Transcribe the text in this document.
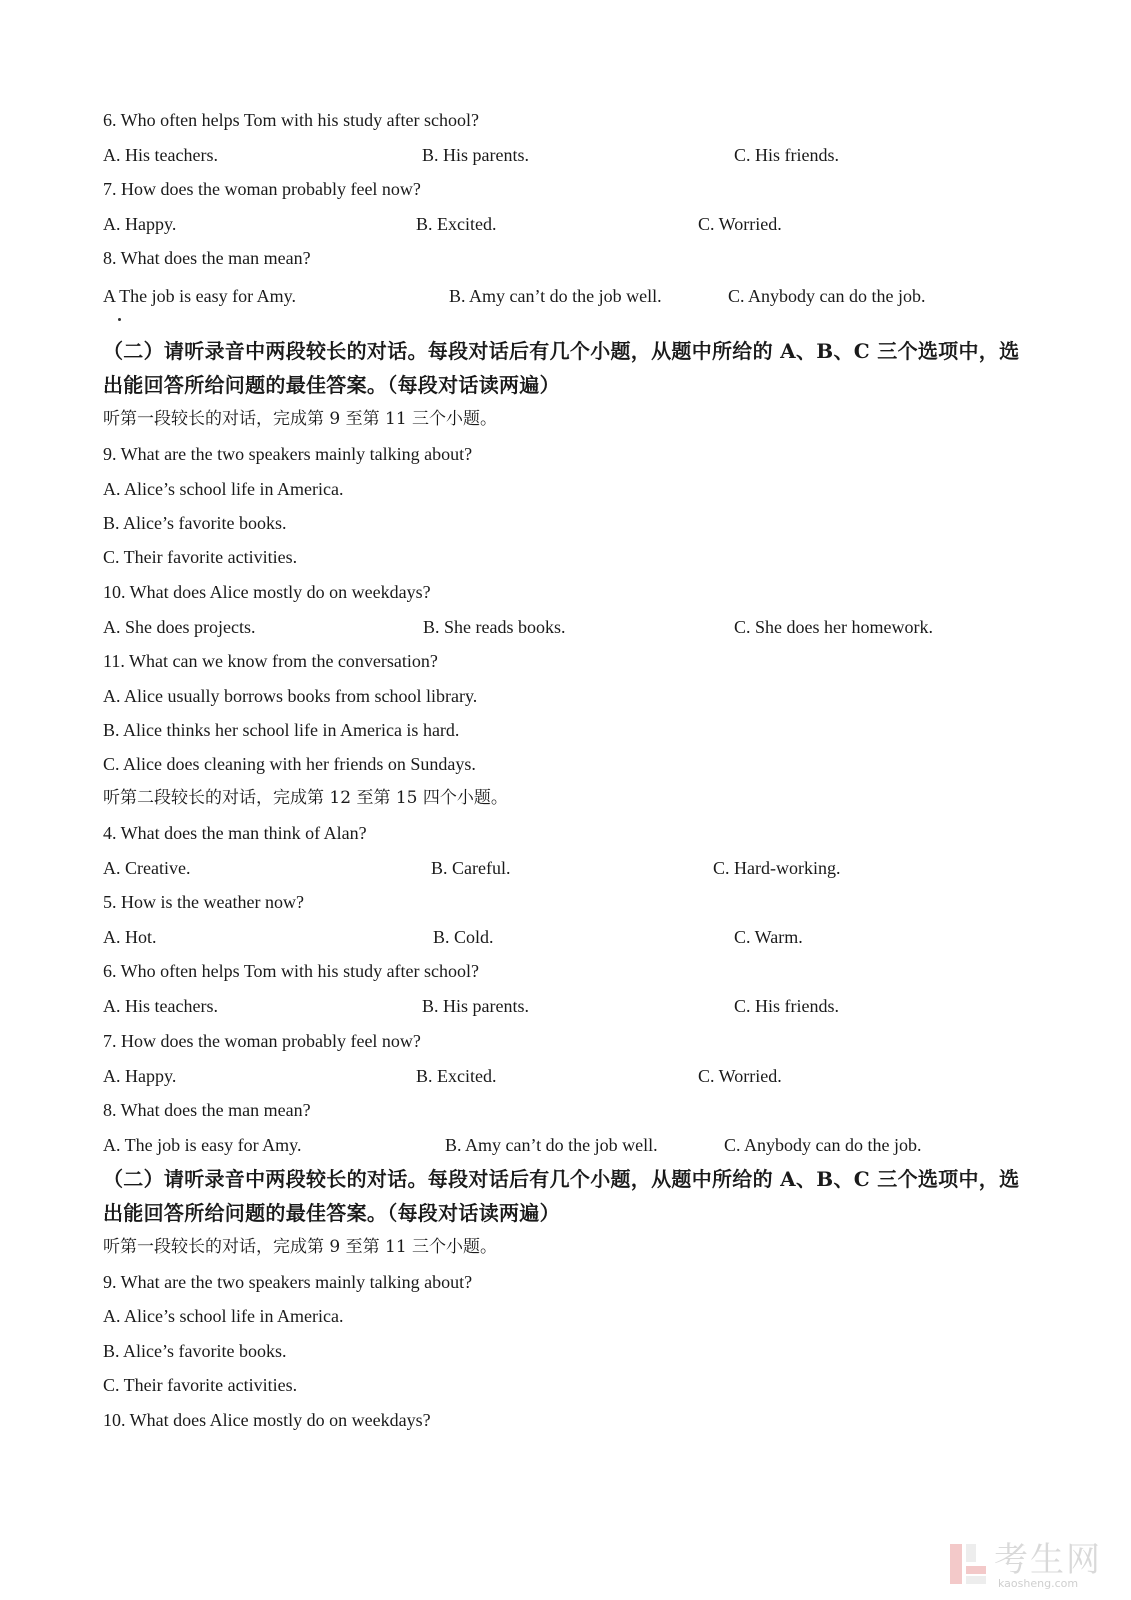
6. Who often helps Tom with his study after school?
A. His teachers.	B. His parents.	C. His friends.
7. How does the woman probably feel now?
A. Happy.	B. Excited.	C. Worried.
8. What does the man mean?
A The job is easy for Amy.	B. Amy can’t do the job well.	C. Anybody can do the job.
（二）请听录音中两段较长的对话。每段对话后有几个小题，从题中所给的 A、B、C 三个选项中，选出能回答所给问题的最佳答案。（每段对话读两遍）
听第一段较长的对话，完成第 9 至第 11 三个小题。
9. What are the two speakers mainly talking about?
A. Alice’s school life in America.
B. Alice’s favorite books.
C. Their favorite activities.
10. What does Alice mostly do on weekdays?
A. She does projects.	B. She reads books.	C. She does her homework.
11. What can we know from the conversation?
A. Alice usually borrows books from school library.
B. Alice thinks her school life in America is hard.
C. Alice does cleaning with her friends on Sundays.
听第二段较长的对话，完成第 12 至第 15 四个小题。
4. What does the man think of Alan?
A. Creative.	B. Careful.	C. Hard-working.
5. How is the weather now?
A. Hot.	B. Cold.	C. Warm.
6. Who often helps Tom with his study after school?
A. His teachers.	B. His parents.	C. His friends.
7. How does the woman probably feel now?
A. Happy.	B. Excited.	C. Worried.
8. What does the man mean?
A. The job is easy for Amy.	B. Amy can’t do the job well.	C. Anybody can do the job.
（二）请听录音中两段较长的对话。每段对话后有几个小题，从题中所给的 A、B、C 三个选项中，选出能回答所给问题的最佳答案。（每段对话读两遍）
听第一段较长的对话，完成第 9 至第 11 三个小题。
9. What are the two speakers mainly talking about?
A. Alice’s school life in America.
B. Alice’s favorite books.
C. Their favorite activities.
10. What does Alice mostly do on weekdays?
考生网
kaosheng.com
